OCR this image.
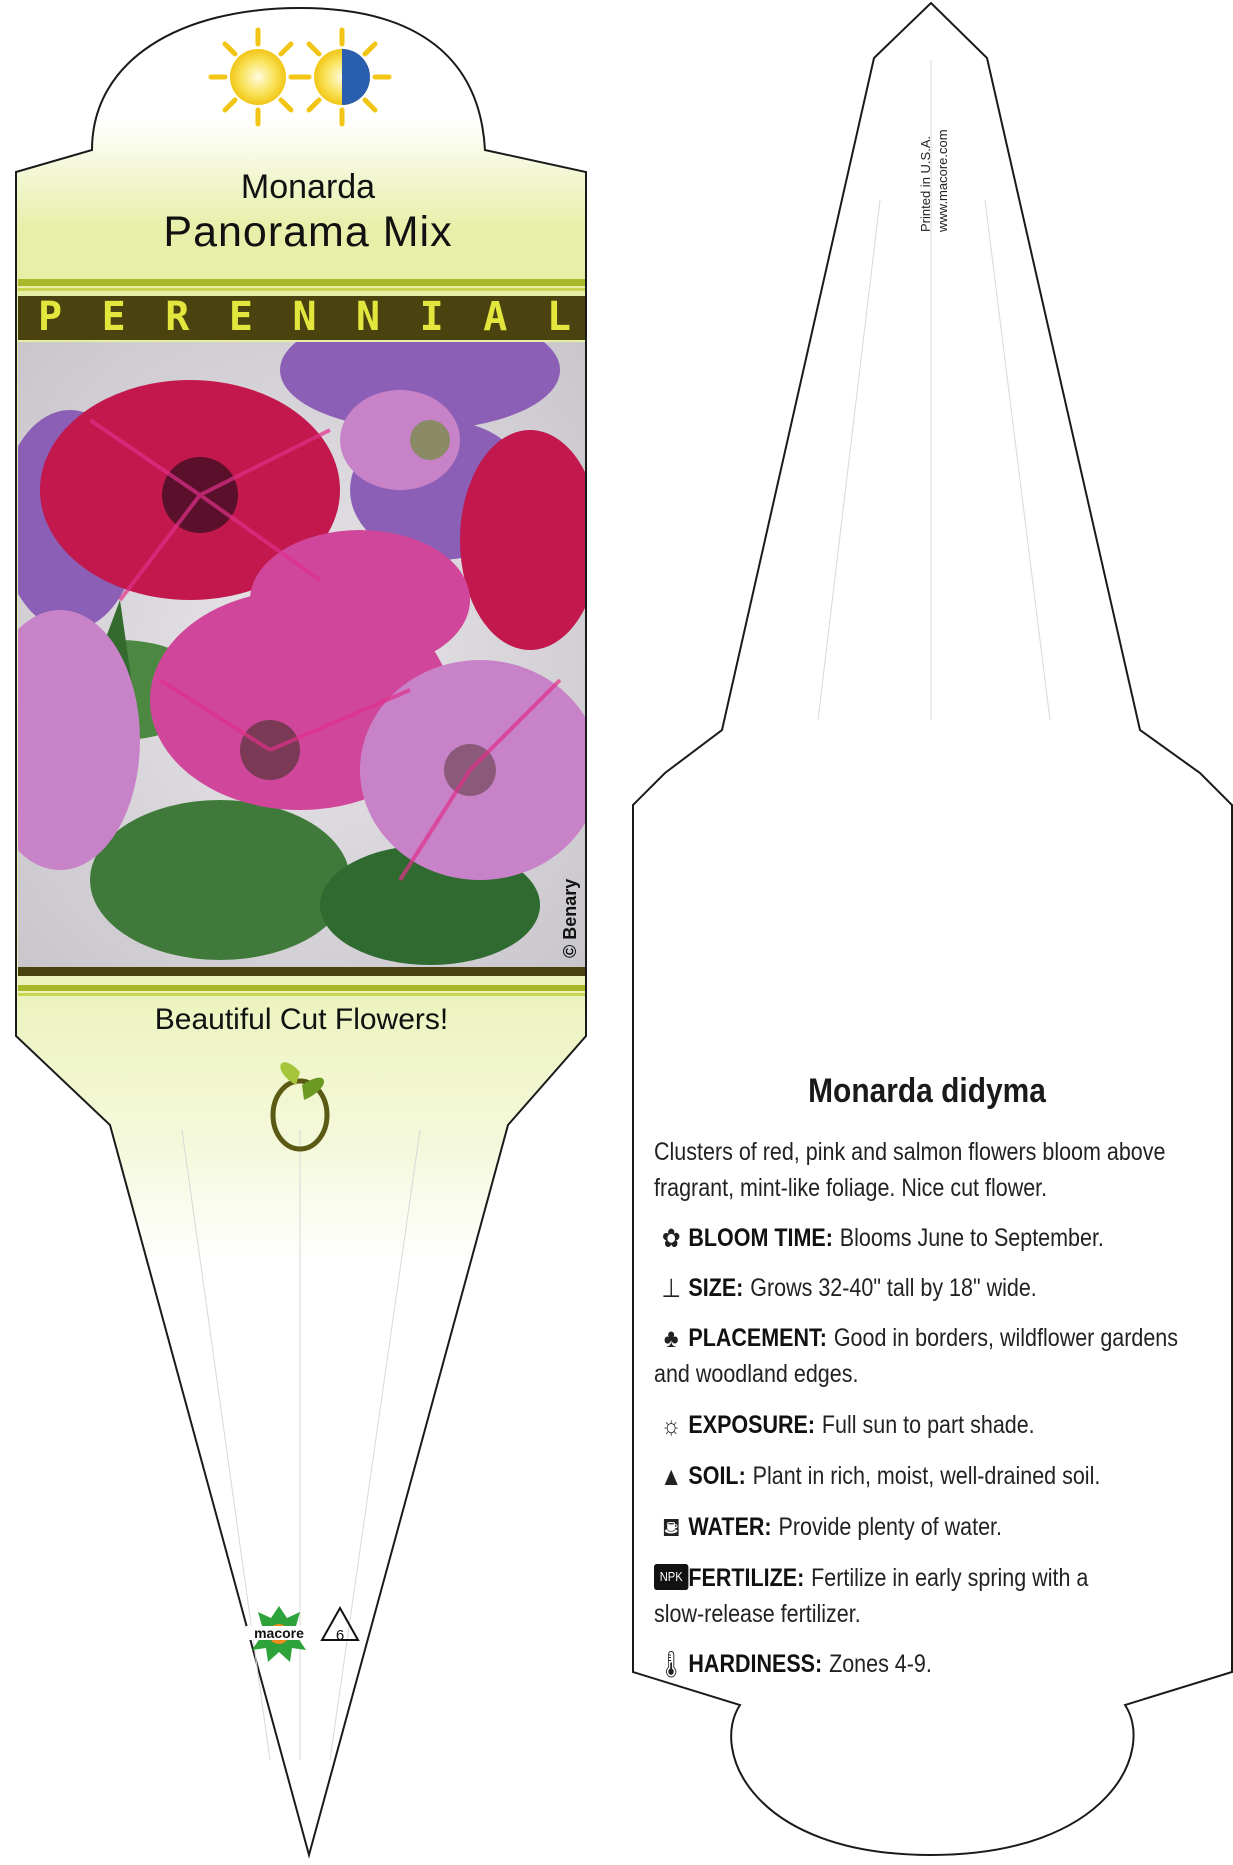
macore 6
Monarda
Panorama Mix
P E R E N N I A L
Beautiful Cut Flowers!
© Benary
Printed in U.S.A. www.macore.com
Monarda didyma
Clusters of red, pink and salmon flowers bloom above fragrant, mint-like foliage. Nice cut flower.
✿ BLOOM TIME: Blooms June to September.
⊥ SIZE: Grows 32-40" tall by 18" wide.
♣ PLACEMENT: Good in borders, wildflower gardens
and woodland edges.
☼ EXPOSURE: Full sun to part shade.
▲ SOIL: Plant in rich, moist, well-drained soil.
⛾ WATER: Provide plenty of water.
NPK FERTILIZE: Fertilize in early spring with a
slow-release fertilizer.
🌡 HARDINESS: Zones 4-9.
